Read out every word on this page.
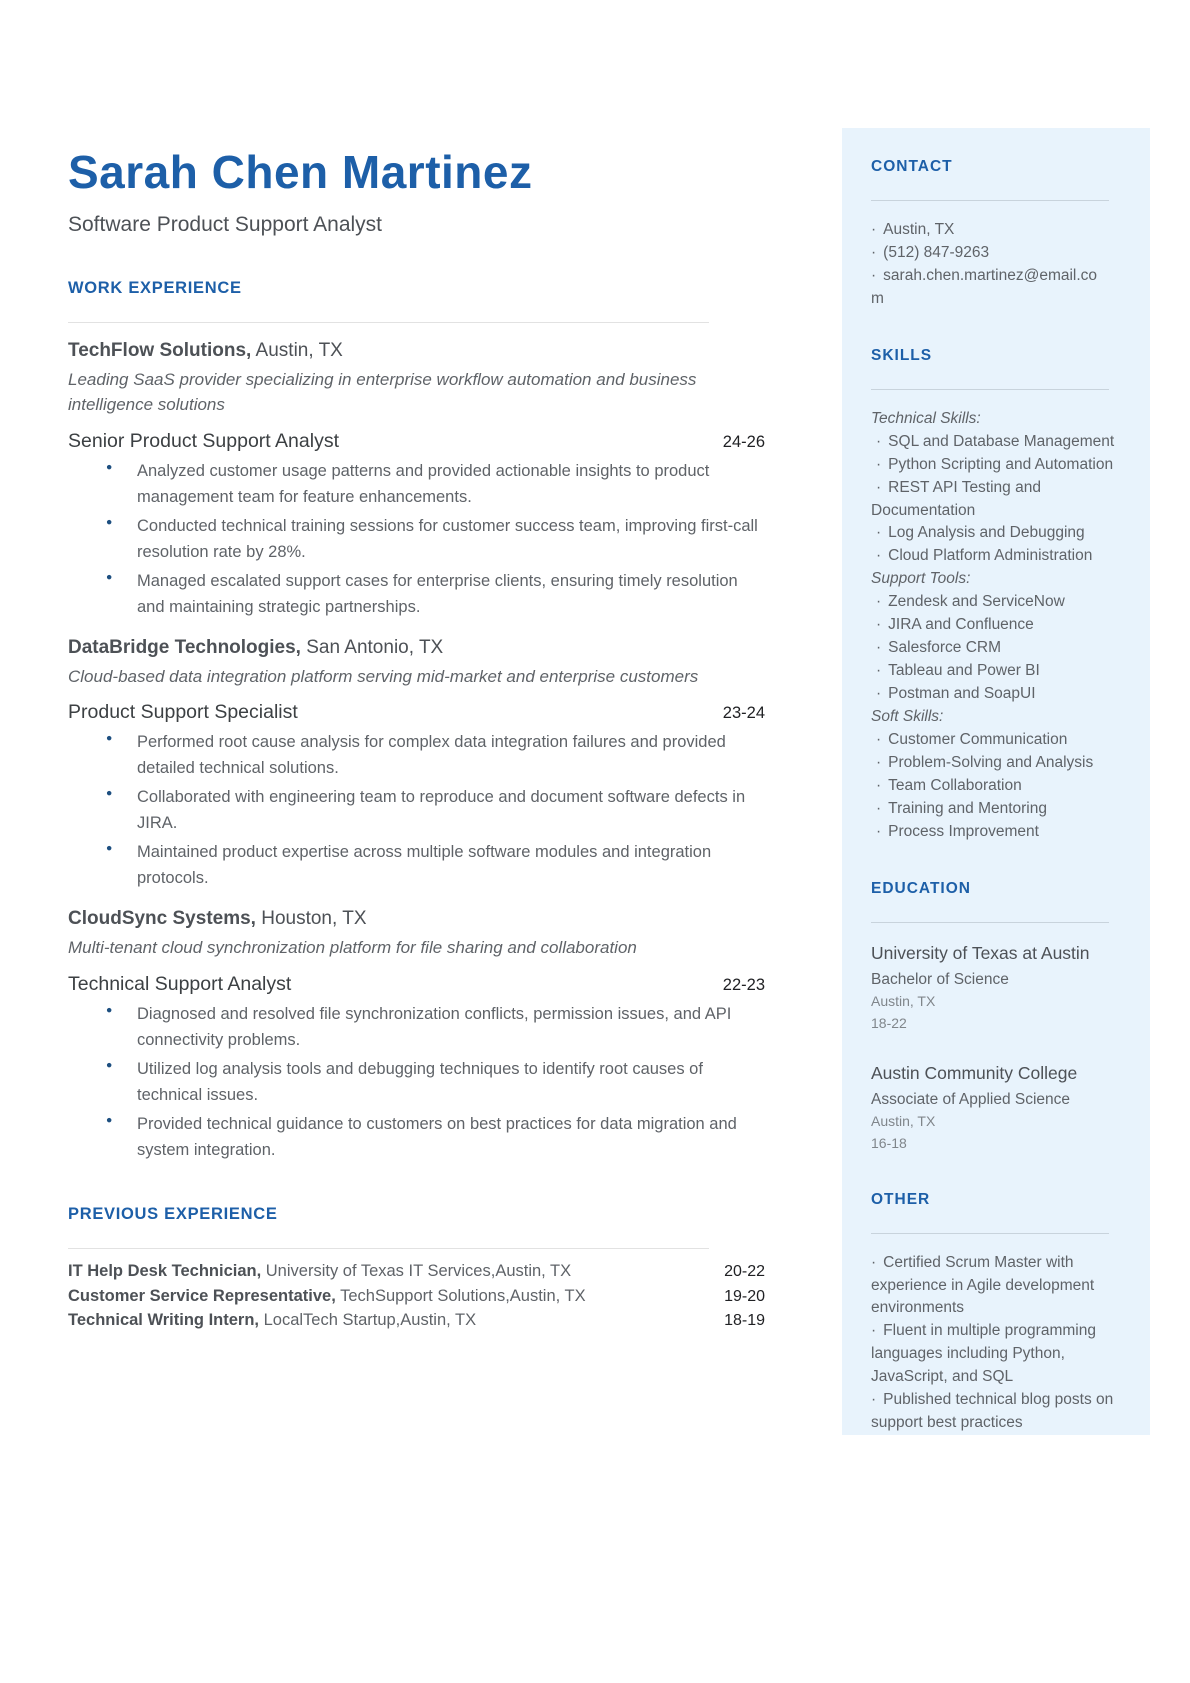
Sarah Chen Martinez
Software Product Support Analyst
WORK EXPERIENCE
TechFlow Solutions, Austin, TX
Leading SaaS provider specializing in enterprise workflow automation and business intelligence solutions
Senior Product Support Analyst	24-26
● Analyzed customer usage patterns and provided actionable insights to product management team for feature enhancements.
● Conducted technical training sessions for customer success team, improving first-call resolution rate by 28%.
● Managed escalated support cases for enterprise clients, ensuring timely resolution and maintaining strategic partnerships.
DataBridge Technologies, San Antonio, TX
Cloud-based data integration platform serving mid-market and enterprise customers
Product Support Specialist	23-24
● Performed root cause analysis for complex data integration failures and provided detailed technical solutions.
● Collaborated with engineering team to reproduce and document software defects in JIRA.
● Maintained product expertise across multiple software modules and integration protocols.
CloudSync Systems, Houston, TX
Multi-tenant cloud synchronization platform for file sharing and collaboration
Technical Support Analyst	22-23
● Diagnosed and resolved file synchronization conflicts, permission issues, and API connectivity problems.
● Utilized log analysis tools and debugging techniques to identify root causes of technical issues.
● Provided technical guidance to customers on best practices for data migration and system integration.
PREVIOUS EXPERIENCE
IT Help Desk Technician, University of Texas IT Services,Austin, TX	20-22
Customer Service Representative, TechSupport Solutions,Austin, TX	19-20
Technical Writing Intern, LocalTech Startup,Austin, TX	18-19
CONTACT
· Austin, TX
· (512) 847-9263
· sarah.chen.martinez@email.com
SKILLS
Technical Skills:
· SQL and Database Management
· Python Scripting and Automation
· REST API Testing and Documentation
· Log Analysis and Debugging
· Cloud Platform Administration
Support Tools:
· Zendesk and ServiceNow
· JIRA and Confluence
· Salesforce CRM
· Tableau and Power BI
· Postman and SoapUI
Soft Skills:
· Customer Communication
· Problem-Solving and Analysis
· Team Collaboration
· Training and Mentoring
· Process Improvement
EDUCATION
University of Texas at Austin
Bachelor of Science
Austin, TX
18-22
Austin Community College
Associate of Applied Science
Austin, TX
16-18
OTHER
· Certified Scrum Master with experience in Agile development environments
· Fluent in multiple programming languages including Python, JavaScript, and SQL
· Published technical blog posts on support best practices
